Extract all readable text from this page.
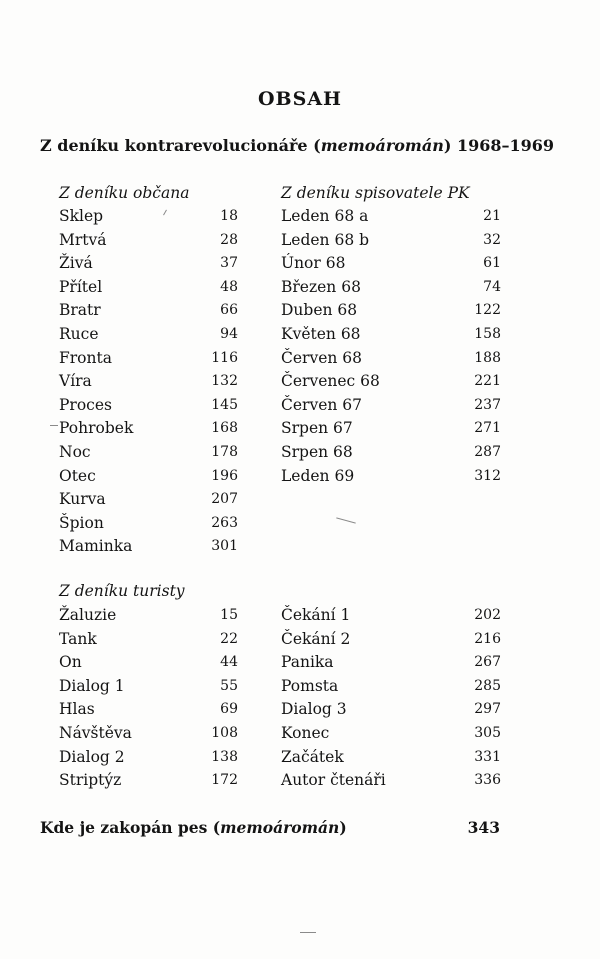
OBSAH
Z deníku kontrarevolucionáře (memoáromán) 1968–1969
Z deníku občana	Z deníku spisovatele PK
Z deníku turisty
Sklep	18
Mrtvá	28
Živá	37
Přítel	48
Bratr	66
Ruce	94
Fronta	116
Víra	132
Proces	145
Pohrobek	168
Noc	178
Otec	196
Kurva	207
Špion	263
Maminka	301
Leden 68 a	21
Leden 68 b	32
Únor 68	61
Březen 68	74
Duben 68	122
Květen 68	158
Červen 68	188
Červenec 68	221
Červen 67	237
Srpen 67	271
Srpen 68	287
Leden 69	312
Žaluzie	15
Tank	22
On	44
Dialog 1	55
Hlas	69
Návštěva	108
Dialog 2	138
Striptýz	172
Čekání 1	202
Čekání 2	216
Panika	267
Pomsta	285
Dialog 3	297
Konec	305
Začátek	331
Autor čtenáři	336
Kde je zakopán pes (memoáromán)	343
